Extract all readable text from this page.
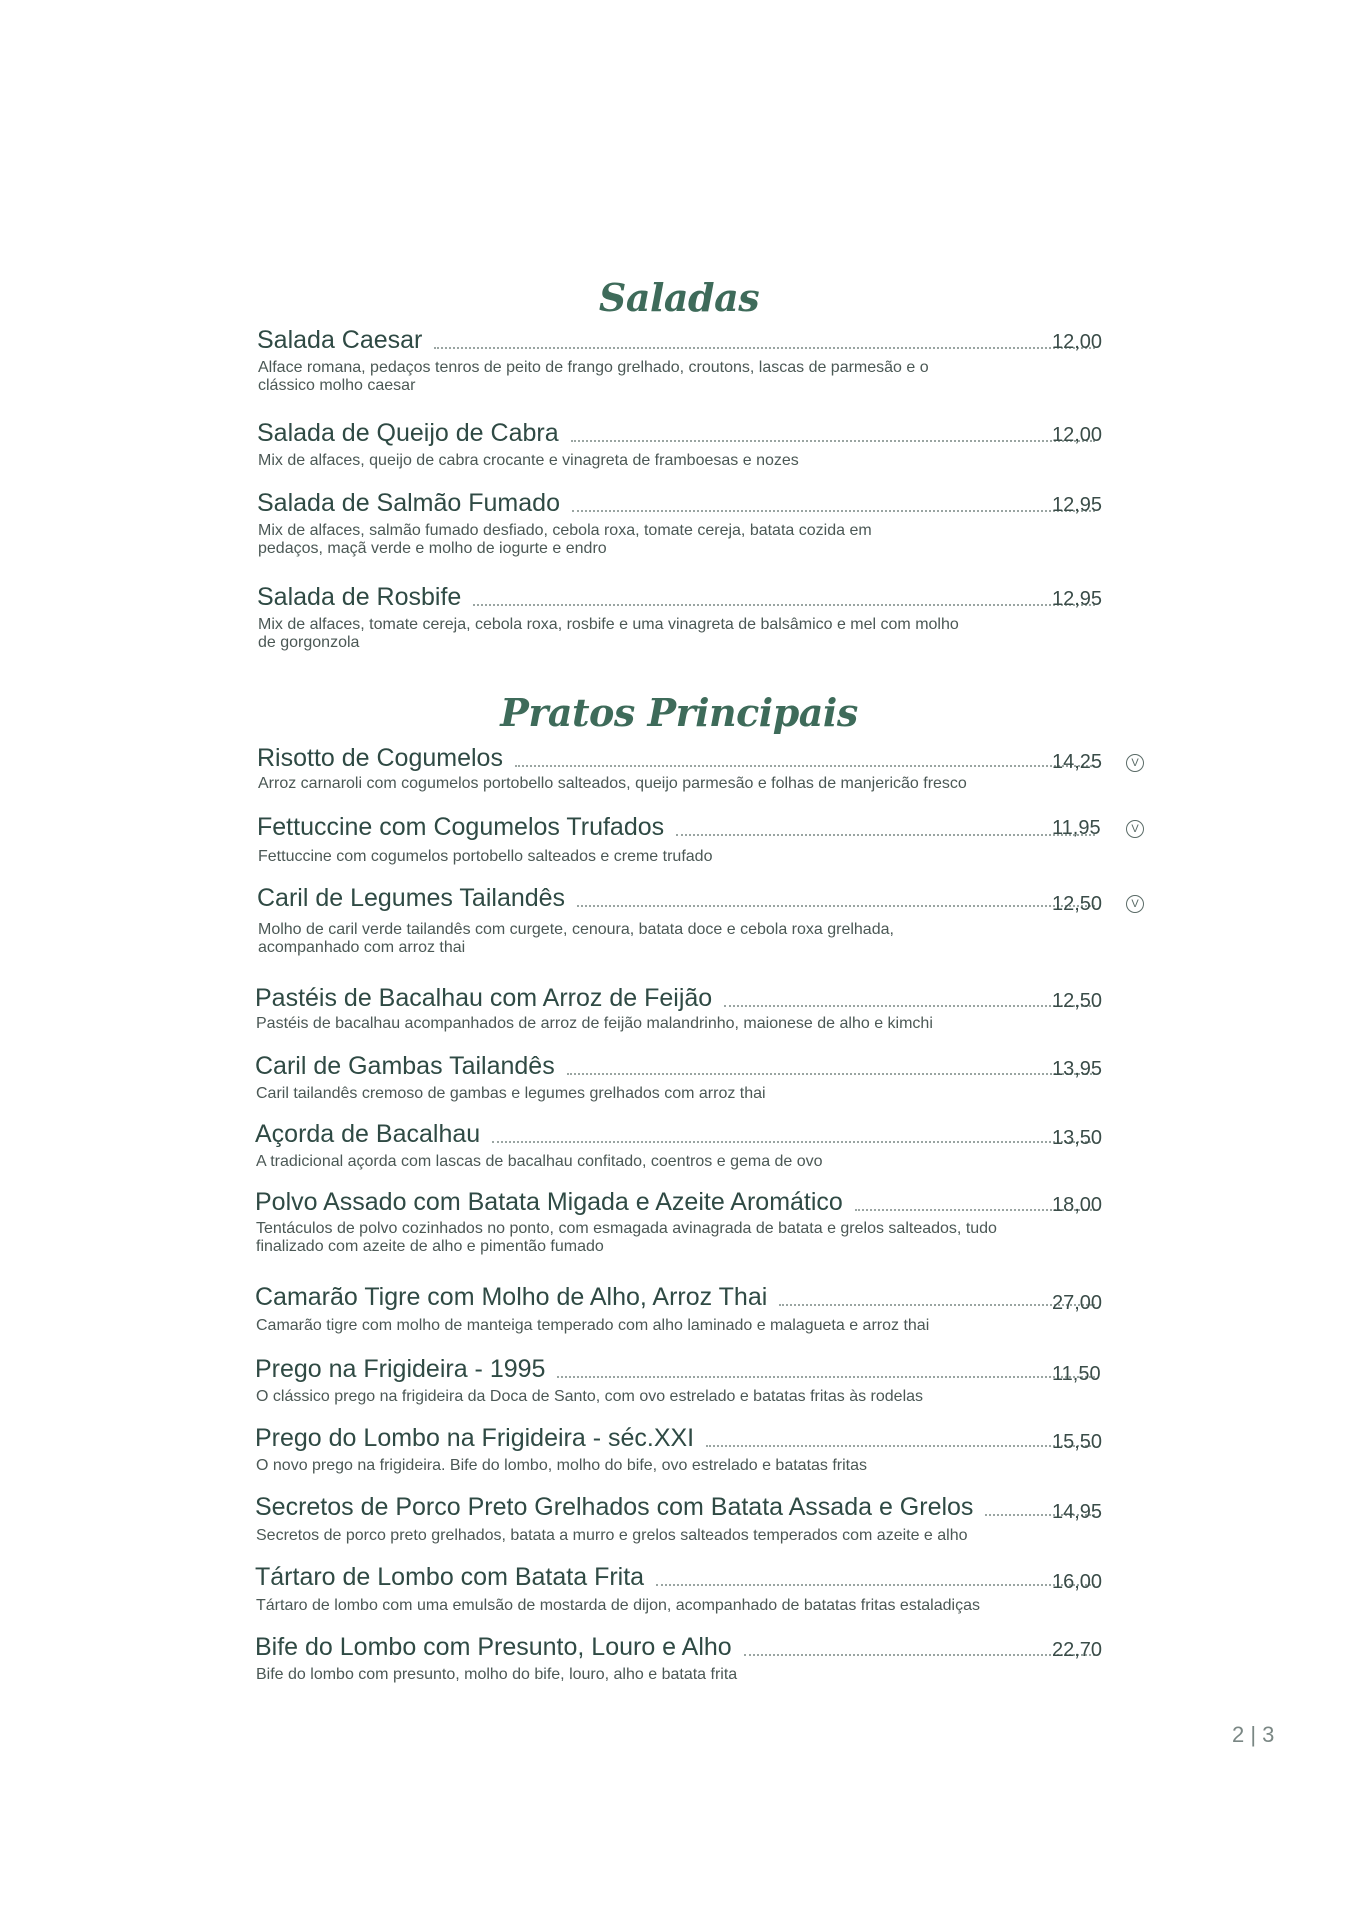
Saladas
Salada Caesar	12,00
Alface romana, pedaços tenros de peito de frango grelhado, croutons, lascas de parmesão e o clássico molho caesar
Salada de Queijo de Cabra	12,00
Mix de alfaces, queijo de cabra crocante e vinagreta de framboesas e nozes
Salada de Salmão Fumado	12,95
Mix de alfaces, salmão fumado desfiado, cebola roxa, tomate cereja, batata cozida em pedaços, maçã verde e molho de iogurte e endro
Salada de Rosbife	12,95
Mix de alfaces, tomate cereja, cebola roxa, rosbife e uma vinagreta de balsâmico e mel com molho de gorgonzola
Pratos Principais
Risotto de Cogumelos	14,25	V
Arroz carnaroli com cogumelos portobello salteados, queijo parmesão e folhas de manjericão fresco
Fettuccine com Cogumelos Trufados	11,95	V
Fettuccine com cogumelos portobello salteados e creme trufado
Caril de Legumes Tailandês	12,50	V
Molho de caril verde tailandês com curgete, cenoura, batata doce e cebola roxa grelhada, acompanhado com arroz thai
Pastéis de Bacalhau com Arroz de Feijão	12,50
Pastéis de bacalhau acompanhados de arroz de feijão malandrinho, maionese de alho e kimchi
Caril de Gambas Tailandês	13,95
Caril tailandês cremoso de gambas e legumes grelhados com arroz thai
Açorda de Bacalhau	13,50
A tradicional açorda com lascas de bacalhau confitado, coentros e gema de ovo
Polvo Assado com Batata Migada e Azeite Aromático	18,00
Tentáculos de polvo cozinhados no ponto, com esmagada avinagrada de batata e grelos salteados, tudo finalizado com azeite de alho e pimentão fumado
Camarão Tigre com Molho de Alho, Arroz Thai	27,00
Camarão tigre com molho de manteiga temperado com alho laminado e malagueta e arroz thai
Prego na Frigideira - 1995	11,50
O clássico prego na frigideira da Doca de Santo, com ovo estrelado e batatas fritas às rodelas
Prego do Lombo na Frigideira - séc.XXI	15,50
O novo prego na frigideira. Bife do lombo, molho do bife, ovo estrelado e batatas fritas
Secretos de Porco Preto Grelhados com Batata Assada e Grelos	14,95
Secretos de porco preto grelhados, batata a murro e grelos salteados temperados com azeite e alho
Tártaro de Lombo com Batata Frita	16,00
Tártaro de lombo com uma emulsão de mostarda de dijon, acompanhado de batatas fritas estaladiças
Bife do Lombo com Presunto, Louro e Alho	22,70
Bife do lombo com presunto, molho do bife, louro, alho e batata frita
2 | 3
